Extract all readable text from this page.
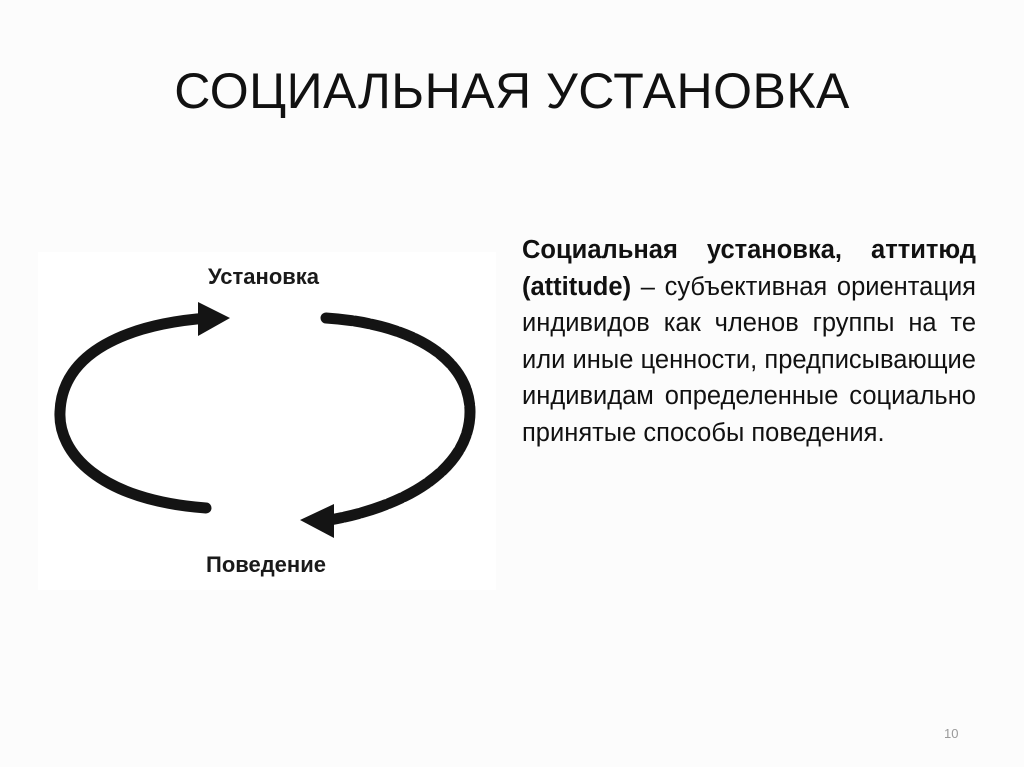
СОЦИАЛЬНАЯ УСТАНОВКА
Установка
Поведение
Социальная установка, аттитюд (attitude) – субъективная ориентация индивидов как членов группы на те или иные ценности, предписывающие индивидам определенные социально принятые способы поведения.
10
